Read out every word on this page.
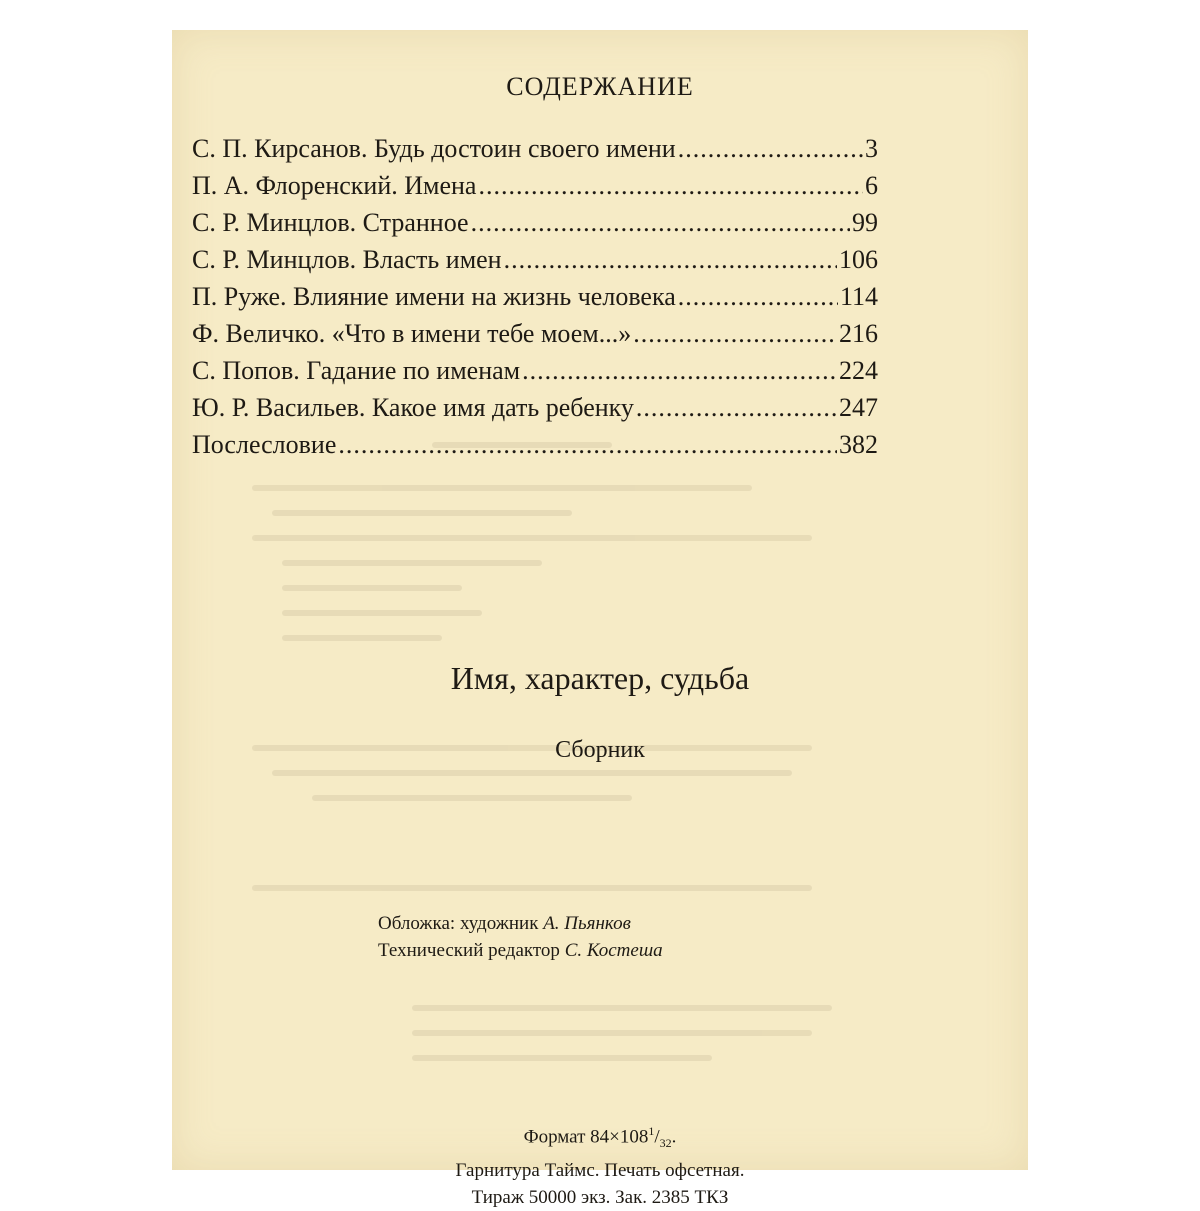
СОДЕРЖАНИЕ
С. П. Кирсанов. Будь достоин своего имени .....	3
П. А. Флоренский. Имена .....	6
С. Р. Минцлов. Странное .....	99
С. Р. Минцлов. Власть имен .....	106
П. Руже. Влияние имени на жизнь человека .....	114
Ф. Величко. «Что в имени тебе моем...» .....	216
С. Попов. Гадание по именам .....	224
Ю. Р. Васильев. Какое имя дать ребенку .....	247
Послесловие .....	382
Имя, характер, судьба
Сборник
Обложка: художник А. Пьянков
Технический редактор С. Костеша
Формат $84\times 108^1/_{32}$.
Гарнитура Таймс. Печать офсетная.
Тираж 50000 экз. Зак. 2385 ТКЗ
